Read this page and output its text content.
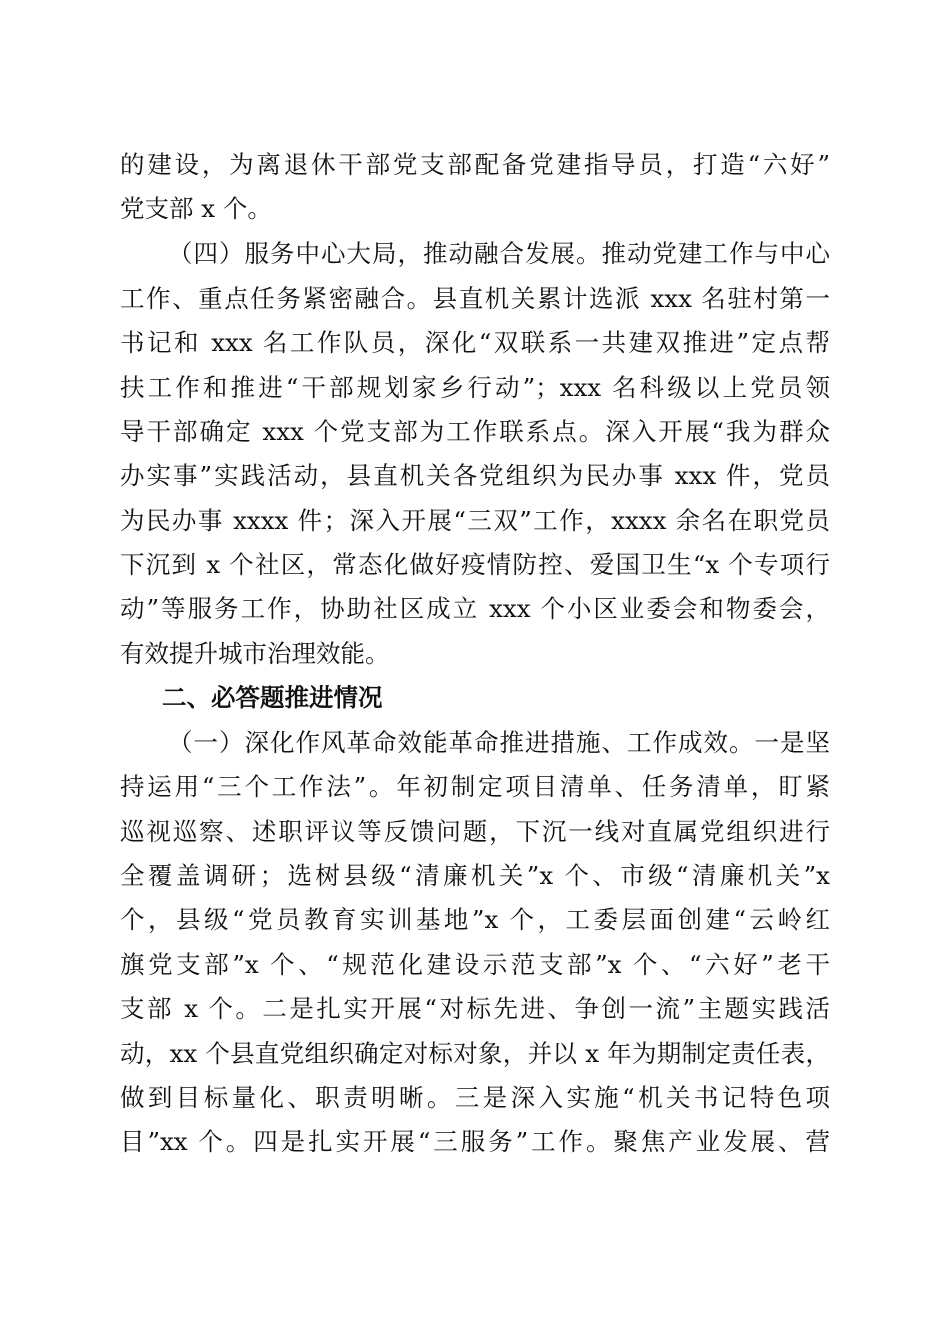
的建设，为离退休干部党支部配备党建指导员，打造“六好”
党支部 x 个。
（四）服务中心大局，推动融合发展。推动党建工作与中心
工作、重点任务紧密融合。县直机关累计选派 xxx 名驻村第一
书记和 xxx 名工作队员，深化“双联系一共建双推进”定点帮
扶工作和推进“干部规划家乡行动”；xxx 名科级以上党员领
导干部确定 xxx 个党支部为工作联系点。深入开展“我为群众
办实事”实践活动，县直机关各党组织为民办事 xxx 件，党员
为民办事 xxxx 件；深入开展“三双”工作，xxxx 余名在职党员
下沉到 x 个社区，常态化做好疫情防控、爱国卫生“x 个专项行
动”等服务工作，协助社区成立 xxx 个小区业委会和物委会，
有效提升城市治理效能。
二、必答题推进情况
（一）深化作风革命效能革命推进措施、工作成效。一是坚
持运用“三个工作法”。年初制定项目清单、任务清单，盯紧
巡视巡察、述职评议等反馈问题，下沉一线对直属党组织进行
全覆盖调研；选树县级“清廉机关”x 个、市级“清廉机关”x
个，县级“党员教育实训基地”x 个，工委层面创建“云岭红
旗党支部”x 个、“规范化建设示范支部”x 个、“六好”老干
支部 x 个。二是扎实开展“对标先进、争创一流”主题实践活
动，xx 个县直党组织确定对标对象，并以 x 年为期制定责任表，
做到目标量化、职责明晰。三是深入实施“机关书记特色项
目”xx 个。四是扎实开展“三服务”工作。聚焦产业发展、营
